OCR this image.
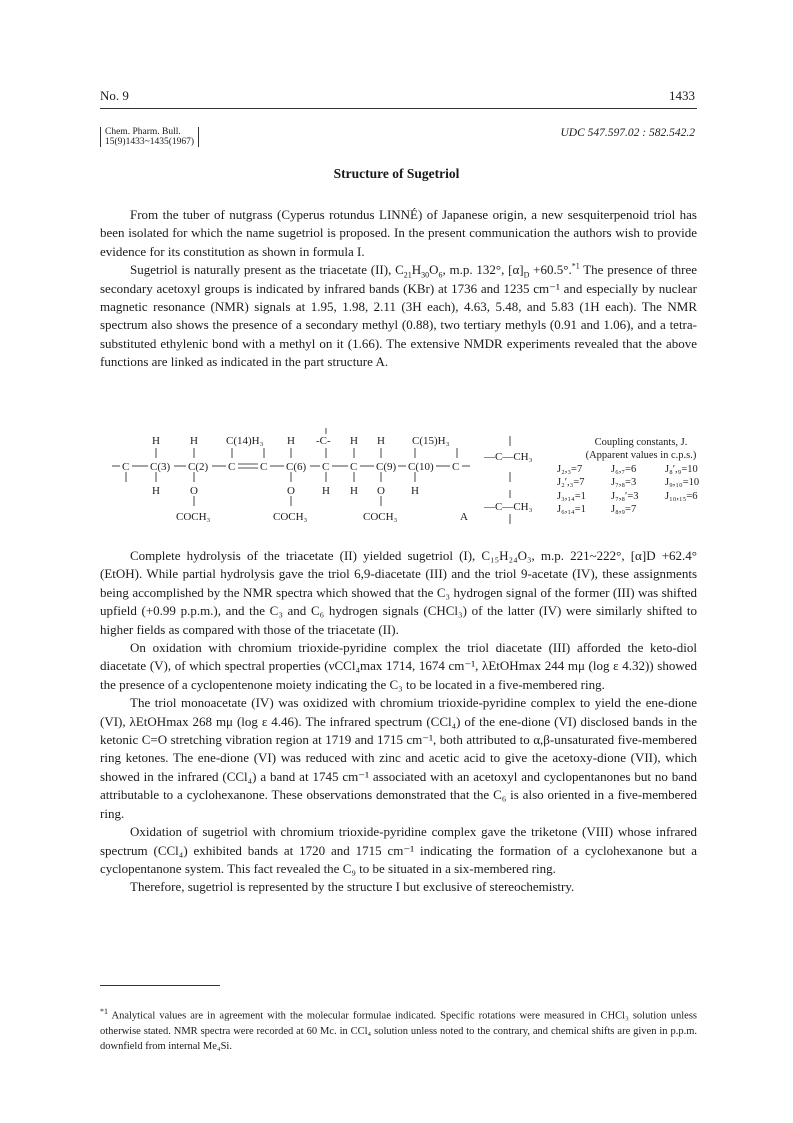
No. 9	1433
Chem. Pharm. Bull.
15(9)1433~1435(1967)
UDC 547.597.02 : 582.542.2
Structure of Sugetriol

From the tuber of nutgrass (Cyperus rotundus LINNÉ) of Japanese origin, a new sesquiterpenoid triol has been isolated for which the name sugetriol is proposed. In the present communication the authors wish to provide evidence for its constitution as shown in formula I.

Sugetriol is naturally present as the triacetate (II), $C_{21}H_{30}O_6$, m.p. 132°, $[\alpha]_D +60.5^\circ.^{*1}$ The presence of three secondary acetoxyl groups is indicated by infrared bands (KBr) at 1736 and 1235 cm⁻¹ and especially by nuclear magnetic resonance (NMR) signals at 1.95, 1.98, 2.11 (3H each), 4.63, 5.48, and 5.83 (1H each). The NMR spectrum also shows the presence of a secondary methyl (0.88), two tertiary methyls (0.91 and 1.06), and a tetra-substituted ethylenic bond with a methyl on it (1.66). The extensive NMDR experiments revealed that the above functions are linked as indicated in the part structure A.

H	H	C(14)H₃ H -C- H H C(15)H₃
C C(3) C(2) C C C(6) C C C(9) C(10) C
H	O	O H H O H
COCH₃	COCH₃	COCH₃	A
—C—CH₃
—C—CH₃
Coupling constants, J.
(Apparent values in c.p.s.)
J₂,₃=7	J₆,₇=6	J₈′,₉=10
J₂′,₃=7	J₇,₈=3	J₉,₁₀=10
J₃,₁₄=1	J₇,₈′=3	J₁₀,₁₅=6
J₆,₁₄=1	J₈,₉=7

Complete hydrolysis of the triacetate (II) yielded sugetriol (I), C₁₅H₂₄O₃, m.p. 221~222°, [α]D +62.4°(EtOH). While partial hydrolysis gave the triol 6,9-diacetate (III) and the triol 9-acetate (IV), these assignments being accomplished by the NMR spectra which showed that the C₃ hydrogen signal of the former (III) was shifted upfield (+0.99 p.p.m.), and the C₃ and C₆ hydrogen signals (CHCl₃) of the latter (IV) were similarly shifted to higher fields as compared with those of the triacetate (II).

On oxidation with chromium trioxide-pyridine complex the triol diacetate (III) afforded the keto-diol diacetate (V), of which spectral properties (νCCl₄max 1714, 1674 cm⁻¹, λEtOHmax 244 mμ (log ε 4.32)) showed the presence of a cyclopentenone moiety indicating the C₃ to be located in a five-membered ring.

The triol monoacetate (IV) was oxidized with chromium trioxide-pyridine complex to yield the ene-dione (VI), λEtOHmax 268 mμ (log ε 4.46). The infrared spectrum (CCl₄) of the ene-dione (VI) disclosed bands in the ketonic C=O stretching vibration region at 1719 and 1715 cm⁻¹, both attributed to α,β-unsaturated five-membered ring ketones. The ene-dione (VI) was reduced with zinc and acetic acid to give the acetoxy-dione (VII), which showed in the infrared (CCl₄) a band at 1745 cm⁻¹ associated with an acetoxyl and cyclopentanones but no band attributable to a cyclohexanone. These observations demonstrated that the C₆ is also oriented in a five-membered ring.

Oxidation of sugetriol with chromium trioxide-pyridine complex gave the triketone (VIII) whose infrared spectrum (CCl₄) exhibited bands at 1720 and 1715 cm⁻¹ indicating the formation of a cyclohexanone but a cyclopentanone system. This fact revealed the C₉ to be situated in a six-membered ring.

Therefore, sugetriol is represented by the structure I but exclusive of stereochemistry.

$^{*1}$ Analytical values are in agreement with the molecular formulae indicated. Specific rotations were measured in CHCl₃ solution unless otherwise stated. NMR spectra were recorded at 60 Mc. in CCl₄ solution unless noted to the contrary, and chemical shifts are given in p.p.m. downfield from internal Me₄Si.
